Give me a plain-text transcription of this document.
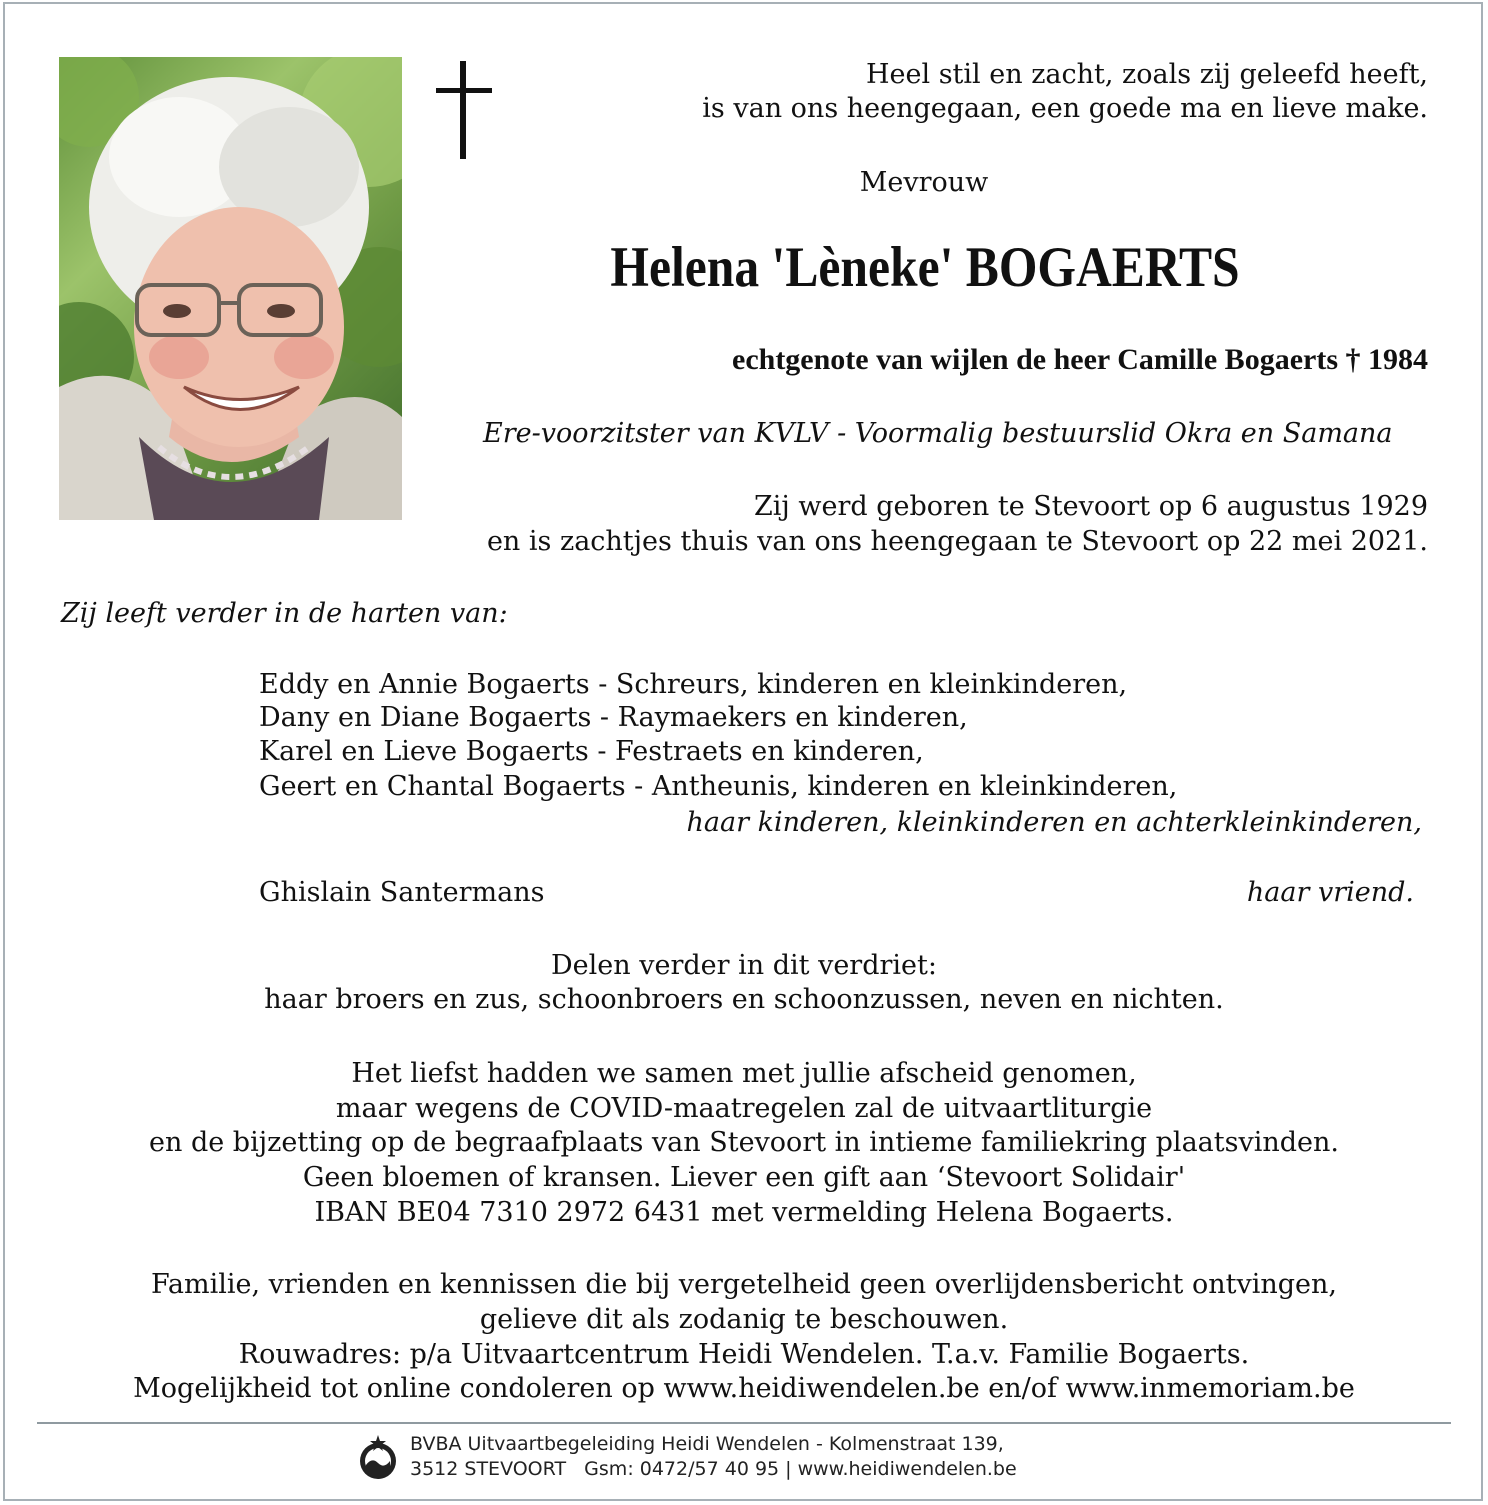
Heel stil en zacht, zoals zij geleefd heeft,
is van ons heengegaan, een goede ma en lieve make.
Mevrouw
Helena 'Lèneke' BOGAERTS
echtgenote van wijlen de heer Camille Bogaerts † 1984
Ere-voorzitster van KVLV - Voormalig bestuurslid Okra en Samana
Zij werd geboren te Stevoort op 6 augustus 1929
en is zachtjes thuis van ons heengegaan te Stevoort op 22 mei 2021.
Zij leeft verder in de harten van:
Eddy en Annie Bogaerts - Schreurs, kinderen en kleinkinderen,
Dany en Diane Bogaerts - Raymaekers en kinderen,
Karel en Lieve Bogaerts - Festraets en kinderen,
Geert en Chantal Bogaerts - Antheunis, kinderen en kleinkinderen,
haar kinderen, kleinkinderen en achterkleinkinderen,
Ghislain Santermans	haar vriend.
Delen verder in dit verdriet:
haar broers en zus, schoonbroers en schoonzussen, neven en nichten.
Het liefst hadden we samen met jullie afscheid genomen,
maar wegens de COVID-maatregelen zal de uitvaartliturgie
en de bijzetting op de begraafplaats van Stevoort in intieme familiekring plaatsvinden.
Geen bloemen of kransen. Liever een gift aan ‘Stevoort Solidair'
IBAN BE04 7310 2972 6431 met vermelding Helena Bogaerts.
Familie, vrienden en kennissen die bij vergetelheid geen overlijdensbericht ontvingen,
gelieve dit als zodanig te beschouwen.
Rouwadres: p/a Uitvaartcentrum Heidi Wendelen. T.a.v. Familie Bogaerts.
Mogelijkheid tot online condoleren op www.heidiwendelen.be en/of www.inmemoriam.be
BVBA Uitvaartbegeleiding Heidi Wendelen - Kolmenstraat 139,
3512 STEVOORT   Gsm: 0472/57 40 95 | www.heidiwendelen.be
